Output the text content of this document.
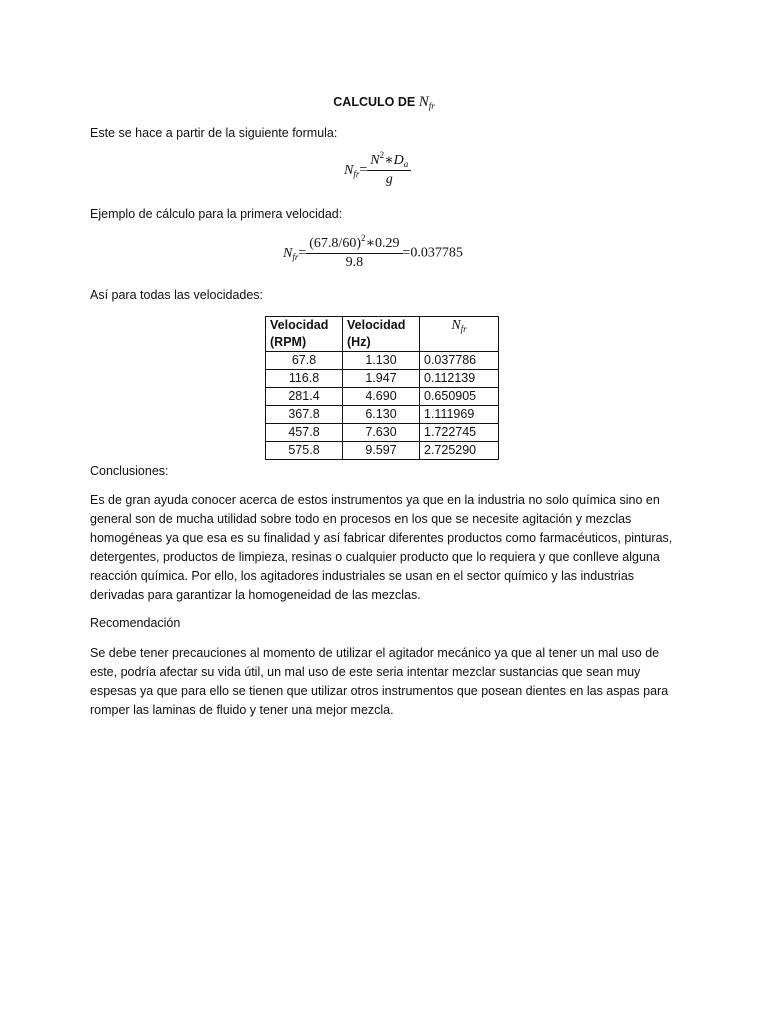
CALCULO DE $N_{fr}$

Este se hace a partir de la siguiente formula:

$N_{fr}= \frac{N^2∗D_a}{g}$

Ejemplo de cálculo para la primera velocidad:

$N_{fr}= \frac{(67.8/60)^2∗0.29}{9.8} =0.037785$

Así para todas las velocidades:

Velocidad (RPM)	Velocidad (Hz)	$N_{fr}$
67.8	1.130	0.037786
116.8	1.947	0.112139
281.4	4.690	0.650905
367.8	6.130	1.111969
457.8	7.630	1.722745
575.8	9.597	2.725290

Conclusiones:

Es de gran ayuda conocer acerca de estos instrumentos ya que en la industria no solo química sino en general son de mucha utilidad sobre todo en procesos en los que se necesite agitación y mezclas homogéneas ya que esa es su finalidad y así fabricar diferentes productos como farmacéuticos, pinturas, detergentes, productos de limpieza, resinas o cualquier producto que lo requiera y que conlleve alguna reacción química. Por ello, los agitadores industriales se usan en el sector químico y las industrias derivadas para garantizar la homogeneidad de las mezclas.

Recomendación

Se debe tener precauciones al momento de utilizar el agitador mecánico ya que al tener un mal uso de este, podría afectar su vida útil, un mal uso de este seria intentar mezclar sustancias que sean muy espesas ya que para ello se tienen que utilizar otros instrumentos que posean dientes en las aspas para romper las laminas de fluido y tener una mejor mezcla.
